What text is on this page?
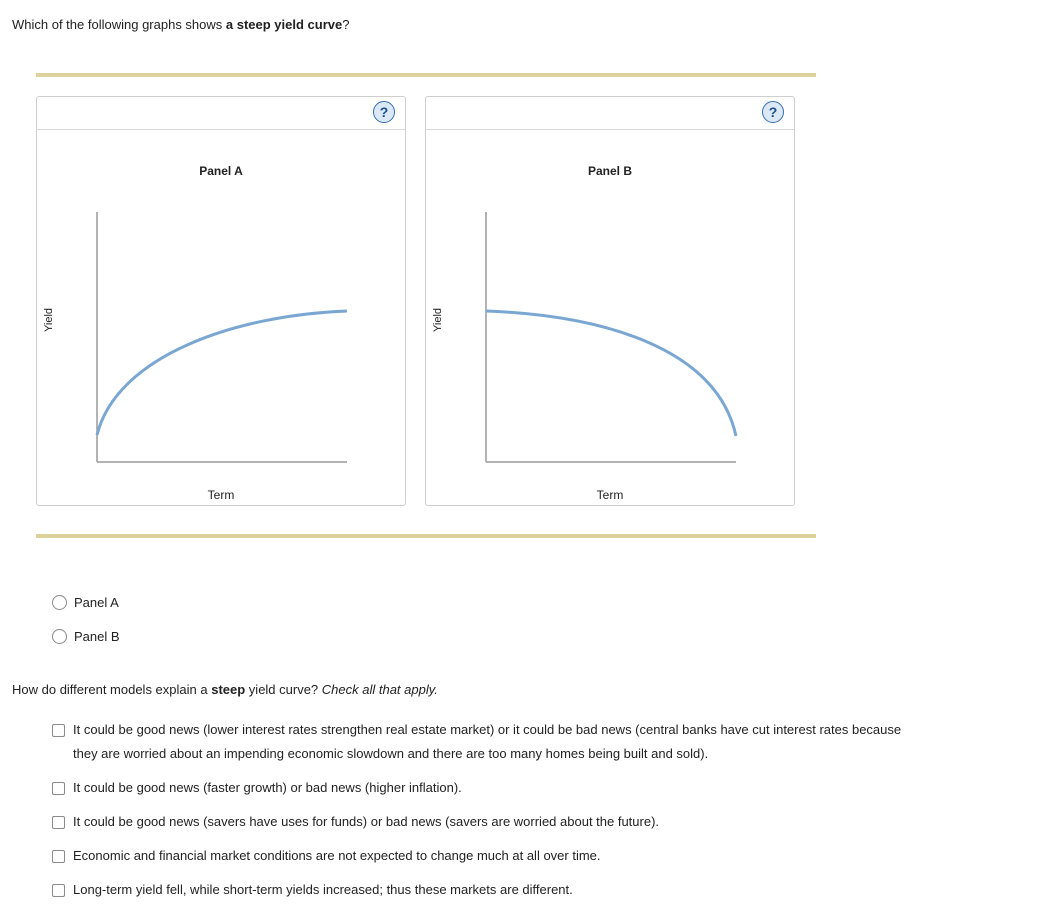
Which of the following graphs shows a steep yield curve?
?
Panel A
Yield
Term
?
Panel B
Yield
Term
Panel A
Panel B
How do different models explain a steep yield curve? Check all that apply.
It could be good news (lower interest rates strengthen real estate market) or it could be bad news (central banks have cut interest rates because they are worried about an impending economic slowdown and there are too many homes being built and sold).
It could be good news (faster growth) or bad news (higher inflation).
It could be good news (savers have uses for funds) or bad news (savers are worried about the future).
Economic and financial market conditions are not expected to change much at all over time.
Long-term yield fell, while short-term yields increased; thus these markets are different.
